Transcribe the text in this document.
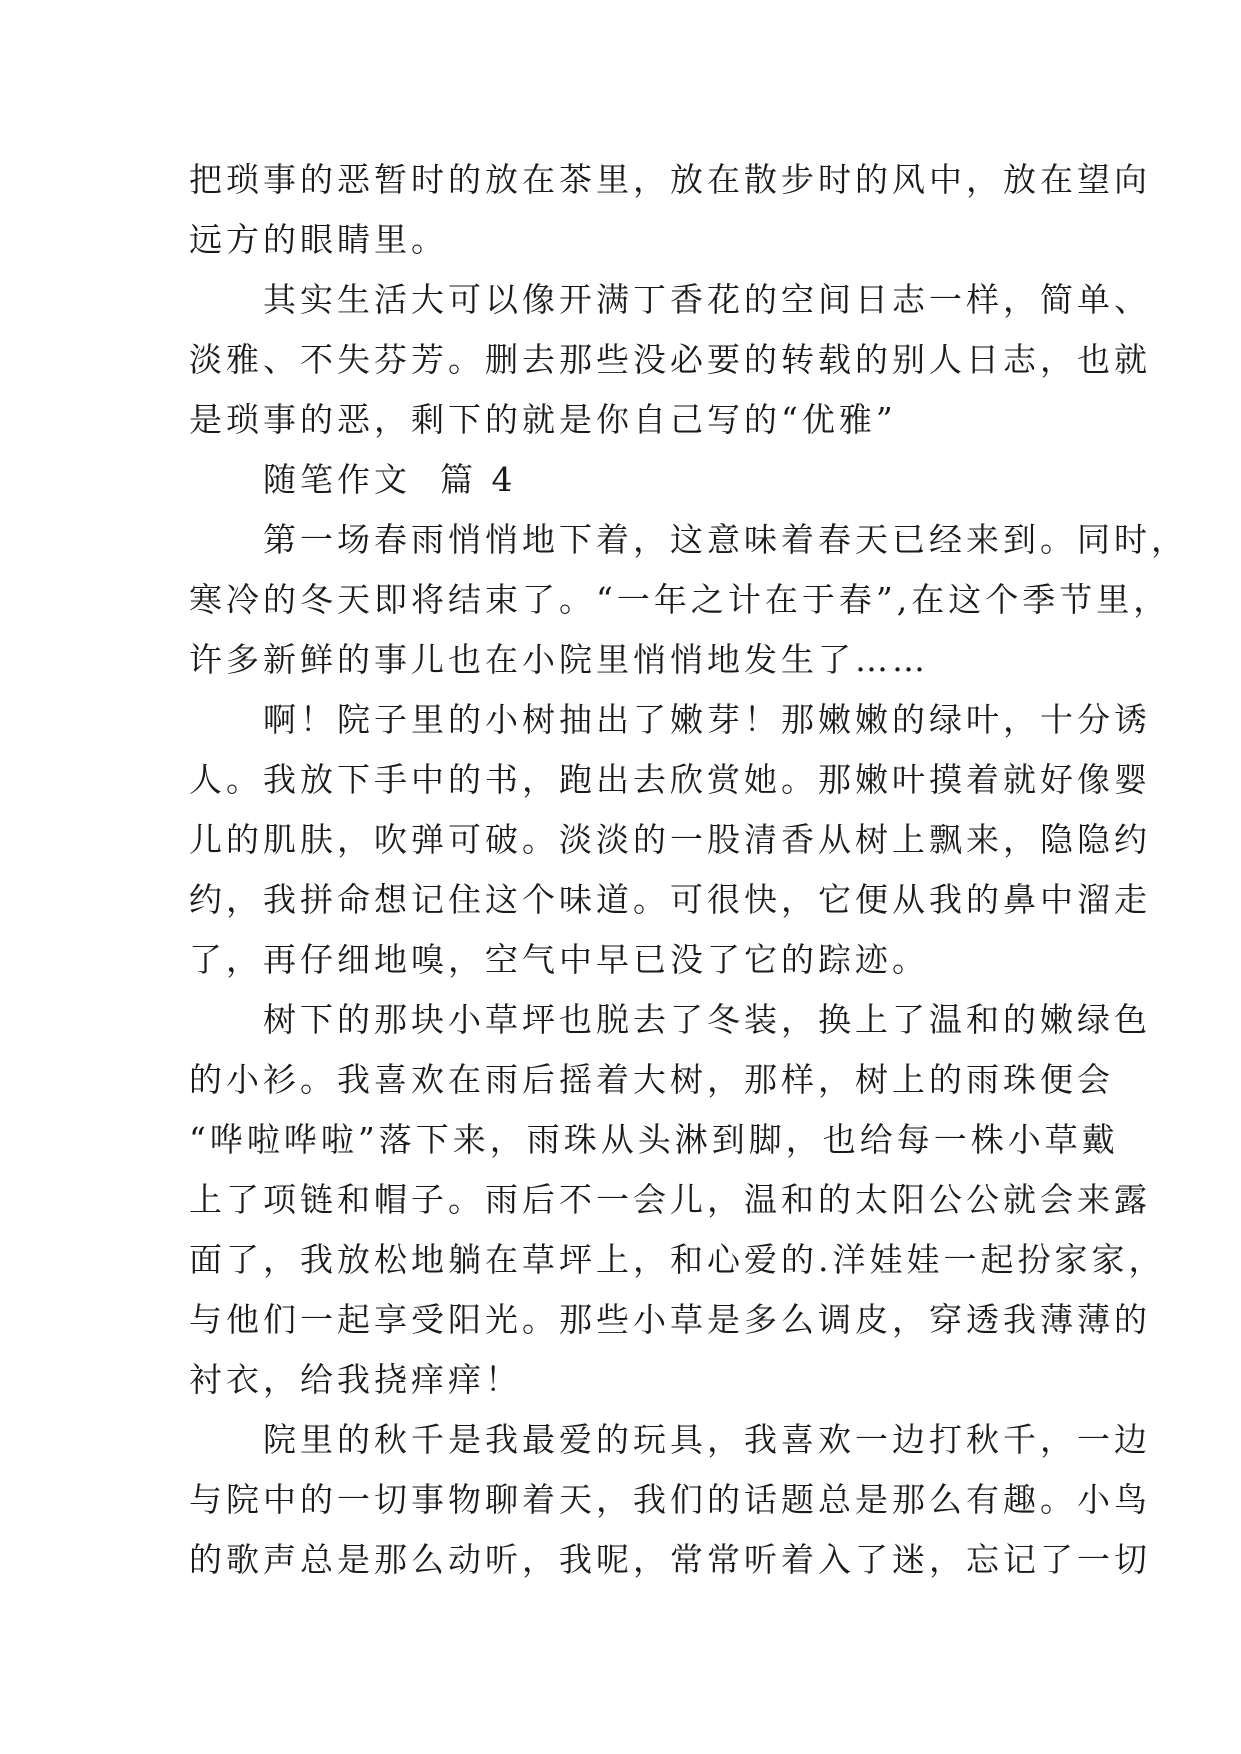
把琐事的恶暂时的放在茶里，放在散步时的风中，放在望向
远方的眼睛里。
　　其实生活大可以像开满丁香花的空间日志一样，简单、
淡雅、不失芬芳。删去那些没必要的转载的别人日志，也就
是琐事的恶，剩下的就是你自己写的“优雅”
　　随笔作文  篇 4
　　第一场春雨悄悄地下着，这意味着春天已经来到。同时，
寒冷的冬天即将结束了。“一年之计在于春”,在这个季节里，
许多新鲜的事儿也在小院里悄悄地发生了……
　　啊！院子里的小树抽出了嫩芽！那嫩嫩的绿叶，十分诱
人。我放下手中的书，跑出去欣赏她。那嫩叶摸着就好像婴
儿的肌肤，吹弹可破。淡淡的一股清香从树上飘来，隐隐约
约，我拼命想记住这个味道。可很快，它便从我的鼻中溜走
了，再仔细地嗅，空气中早已没了它的踪迹。
　　树下的那块小草坪也脱去了冬装，换上了温和的嫩绿色
的小衫。我喜欢在雨后摇着大树，那样，树上的雨珠便会
“哗啦哗啦”落下来，雨珠从头淋到脚，也给每一株小草戴
上了项链和帽子。雨后不一会儿，温和的太阳公公就会来露
面了，我放松地躺在草坪上，和心爱的.洋娃娃一起扮家家，
与他们一起享受阳光。那些小草是多么调皮，穿透我薄薄的
衬衣，给我挠痒痒！
　　院里的秋千是我最爱的玩具，我喜欢一边打秋千，一边
与院中的一切事物聊着天，我们的话题总是那么有趣。小鸟
的歌声总是那么动听，我呢，常常听着入了迷，忘记了一切
